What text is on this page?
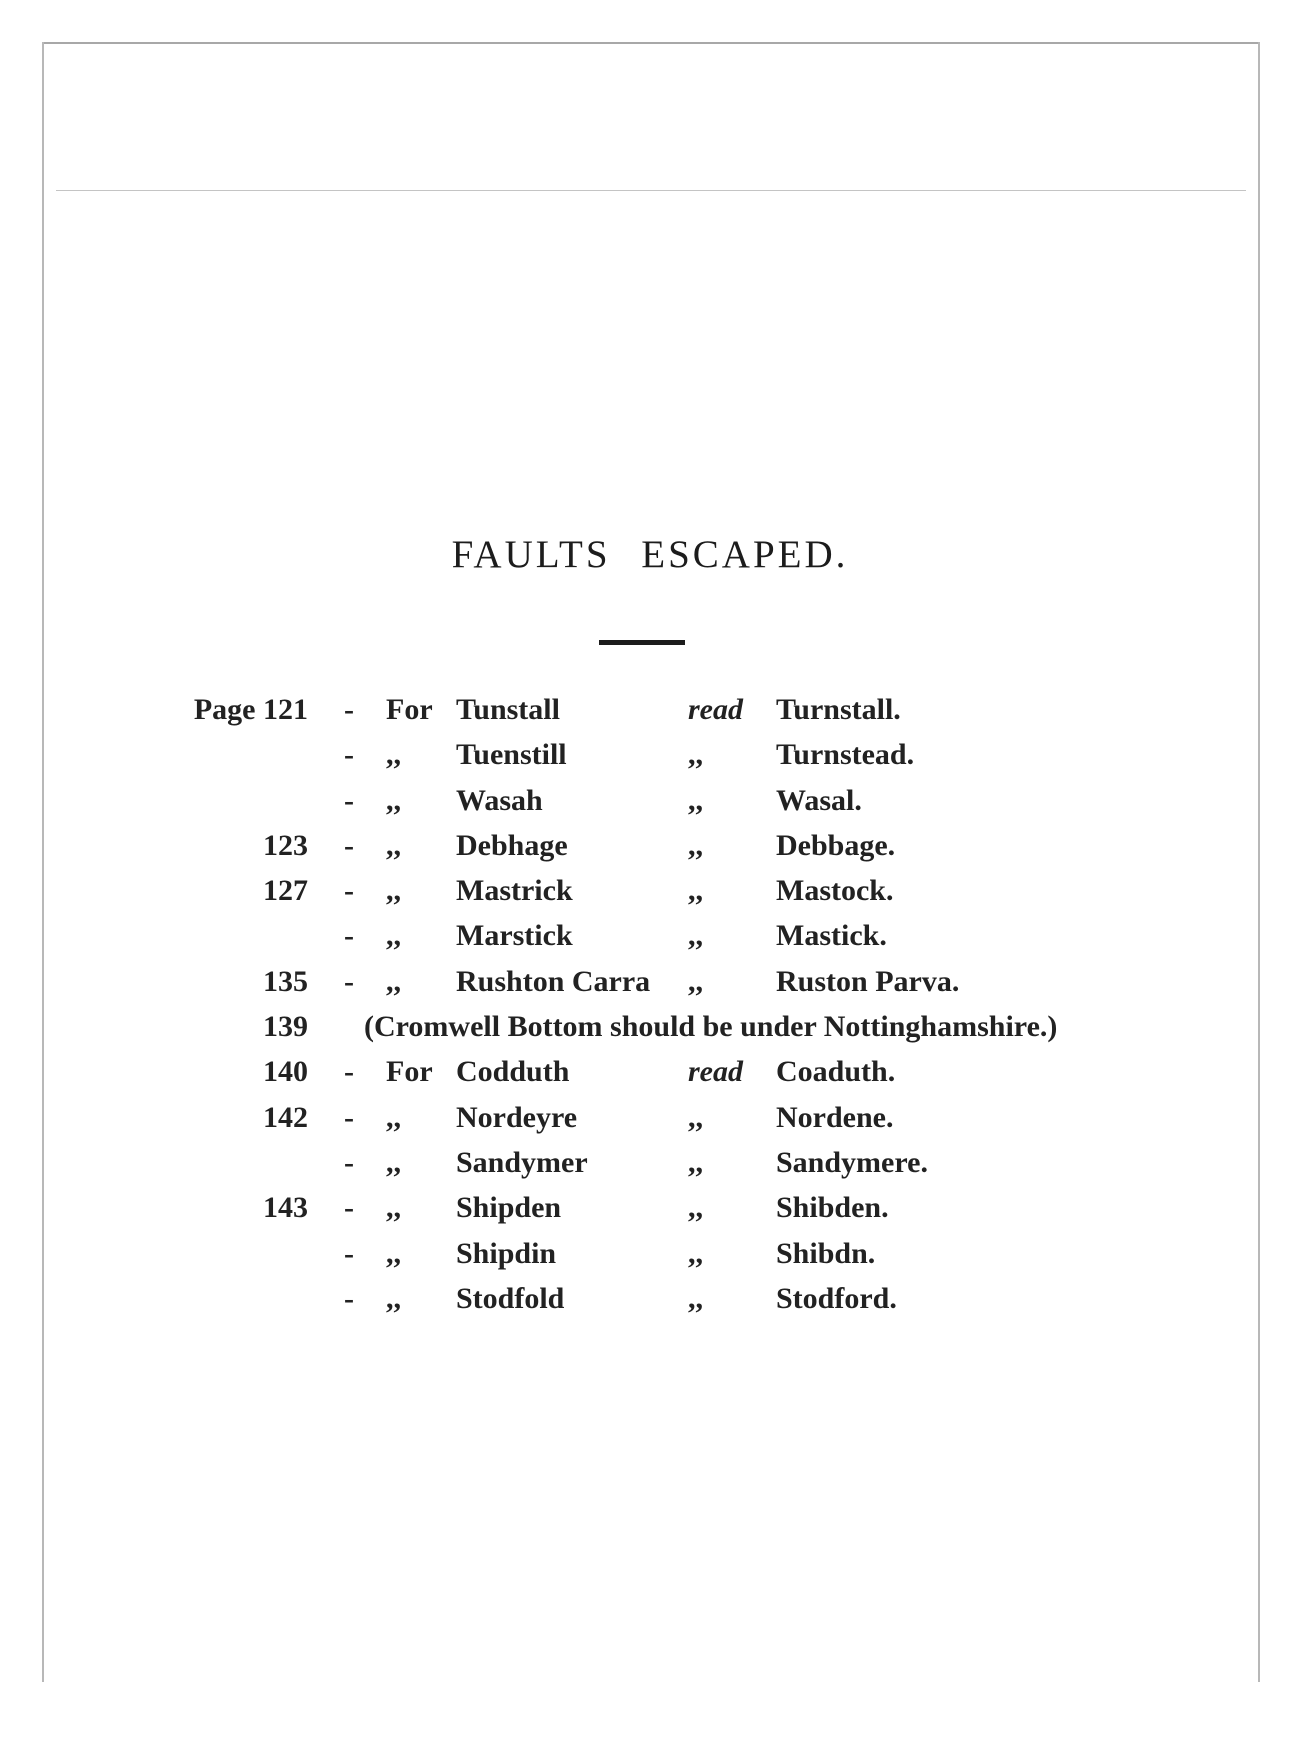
FAULTS ESCAPED.
Page 121 - For Tunstall	read Turnstall.
- ,, Tuenstill	,, Turnstead.
- ,, Wasah	,, Wasal.
123 - ,, Debhage	,, Debbage.
127 - ,, Mastrick	,, Mastock.
- ,, Marstick	,, Mastick.
135 - ,, Rushton Carra ,, Ruston Parva.
139 (Cromwell Bottom should be under Nottinghamshire.)
140 - For Codduth	read Coaduth.
142 - ,, Nordeyre	,, Nordene.
- ,, Sandymer	,, Sandymere.
143 - ,, Shipden	,, Shibden.
- ,, Shipdin	,, Shibdn.
- ,, Stodfold	,, Stodford.
